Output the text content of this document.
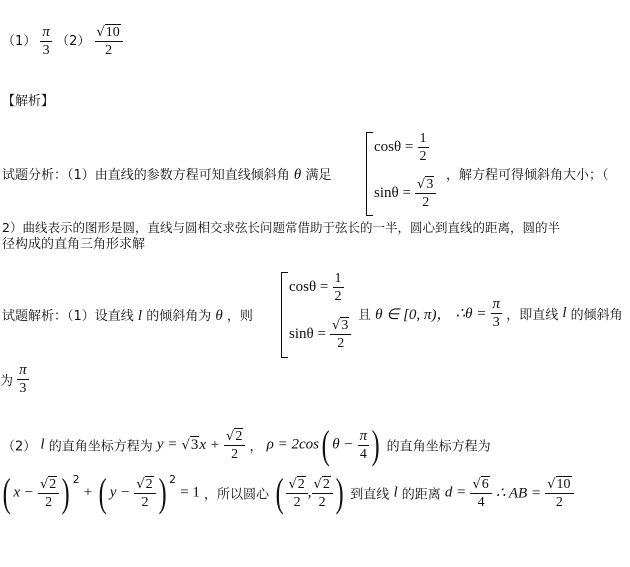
$(1) \frac{\pi}{3} (2) \frac{√10}{2}$
【解析】
试题分析：（1）由直线的参数方程可知直线倾斜角 θ 满足
$\cos\theta = \frac{1}{2}$
$\sin\theta = \frac{√3}{2}$
，解方程可得倾斜角大小；（
2）曲线表示的图形是圆，直线与圆相交求弦长问题常借助于弦长的一半，圆心到直线的距离，圆的半
径构成的直角三角形求解
试题解析：（1）设直线 l 的倾斜角为 θ ，则
$\cos\theta = \frac{1}{2}$
$\sin\theta = \frac{√3}{2}$
且 θ ∈ [0, π)， ∴θ = $\frac{\pi}{3}$ ，即直线 l 的倾斜角
为 $\frac{\pi}{3}$
（2） l 的直角坐标方程为 $y = √3x + \frac{√2}{2}$ ， ρ = 2cos( $\theta - \frac{\pi}{4}$ ) 的直角坐标方程为
( $x - \frac{√2}{2}$ ) $^2$ + ( $y - \frac{√2}{2}$ ) $^2$ = 1 ，所以圆心 ( $\frac{√2}{2}$ , $\frac{√2}{2}$ ) 到直线 l 的距离 $d = \frac{√6}{4}$ ∴ AB = $\frac{√10}{2}$
